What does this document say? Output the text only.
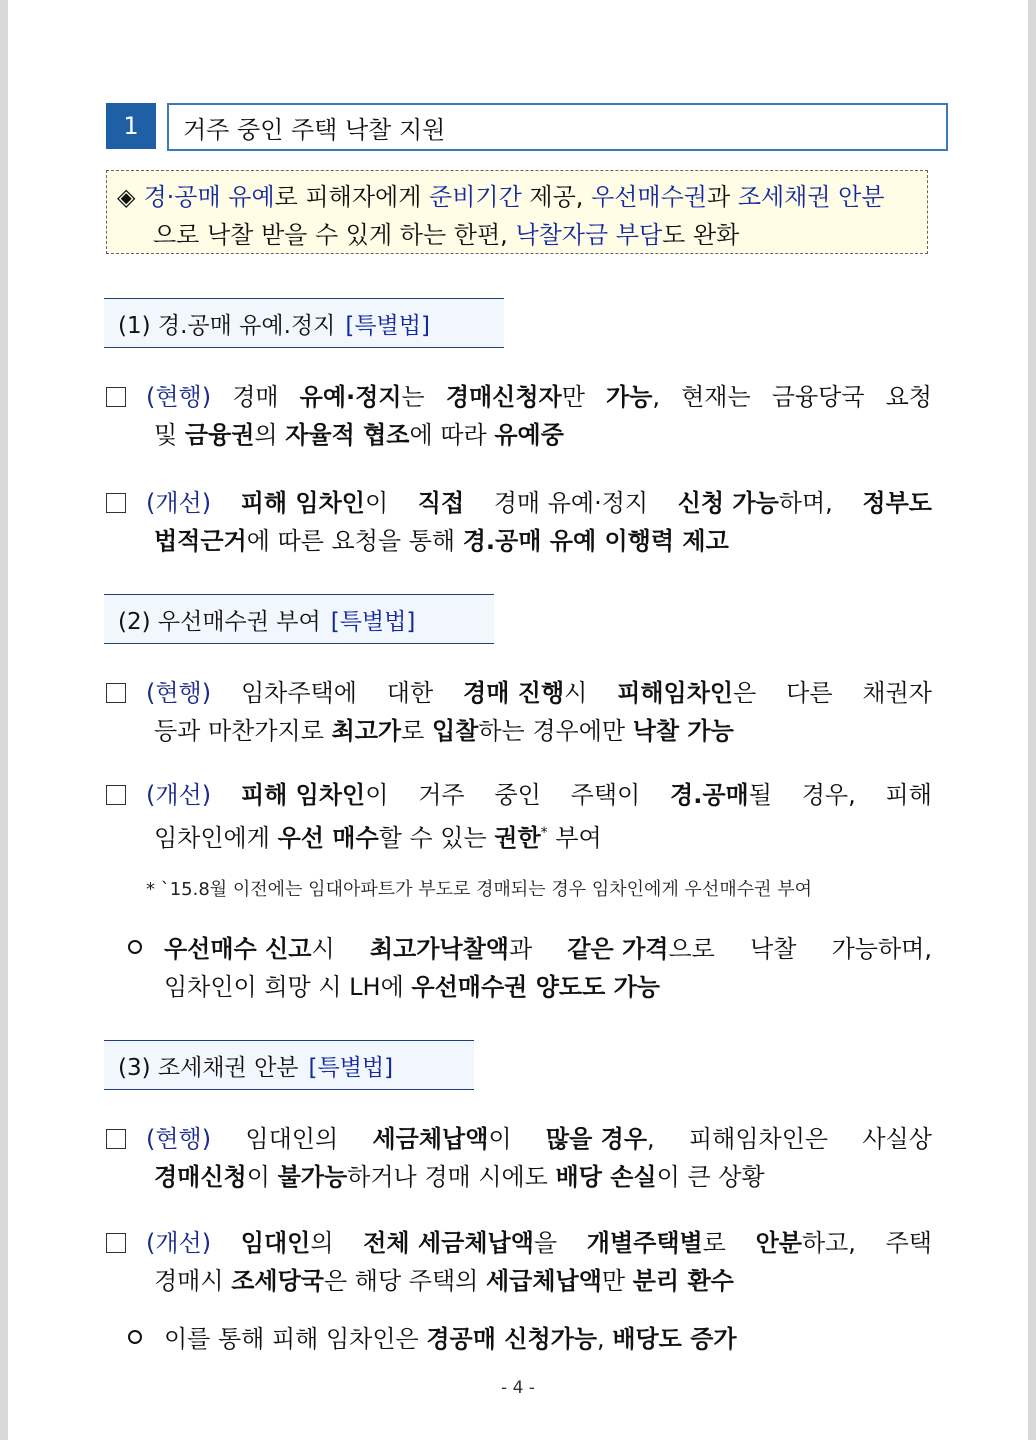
1	거주 중인 주택 낙찰 지원
◈ 경·공매 유예로 피해자에게 준비기간 제공, 우선매수권과 조세채권 안분
으로 낙찰 받을 수 있게 하는 한편, 낙찰자금 부담도 완화
(1) 경.공매 유예.정지 [특별법]
(현행) 경매 유예·정지는 경매신청자만 가능, 현재는 금융당국 요청
및 금융권의 자율적 협조에 따라 유예중
(개선) 피해 임차인이 직접 경매 유예·정지 신청 가능하며, 정부도
법적근거에 따른 요청을 통해 경.공매 유예 이행력 제고
(2) 우선매수권 부여 [특별법]
(현행) 임차주택에 대한 경매 진행시 피해임차인은 다른 채권자
등과 마찬가지로 최고가로 입찰하는 경우에만 낙찰 가능
(개선) 피해 임차인이 거주 중인 주택이 경.공매될 경우, 피해
임차인에게 우선 매수할 수 있는 권한* 부여
* `15.8월 이전에는 임대아파트가 부도로 경매되는 경우 임차인에게 우선매수권 부여
우선매수 신고시 최고가낙찰액과 같은 가격으로 낙찰 가능하며,
임차인이 희망 시 LH에 우선매수권 양도도 가능
(3) 조세채권 안분 [특별법]
(현행) 임대인의 세금체납액이 많을 경우, 피해임차인은 사실상
경매신청이 불가능하거나 경매 시에도 배당 손실이 큰 상황
(개선) 임대인의 전체 세금체납액을 개별주택별로 안분하고, 주택
경매시 조세당국은 해당 주택의 세급체납액만 분리 환수
이를 통해 피해 임차인은 경공매 신청가능, 배당도 증가
- 4 -
